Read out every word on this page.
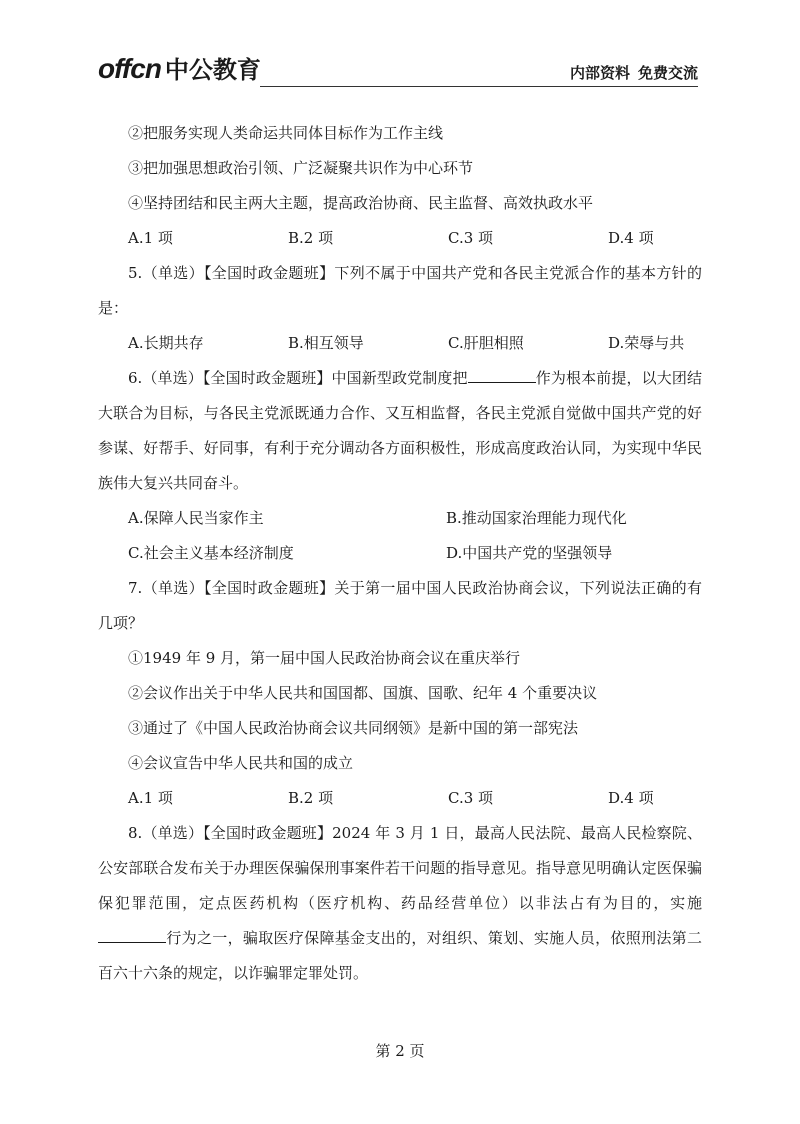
offcn 中公教育	内部资料 免费交流
②把服务实现人类命运共同体目标作为工作主线
③把加强思想政治引领、广泛凝聚共识作为中心环节
④坚持团结和民主两大主题，提高政治协商、民主监督、高效执政水平
A.1 项	B.2 项	C.3 项	D.4 项
5.（单选）【全国时政金题班】下列不属于中国共产党和各民主党派合作的基本方针的是：
A.长期共存	B.相互领导	C.肝胆相照	D.荣辱与共
6.（单选）【全国时政金题班】中国新型政党制度把	作为根本前提，以大团结大联合为目标，与各民主党派既通力合作、又互相监督，各民主党派自觉做中国共产党的好参谋、好帮手、好同事，有利于充分调动各方面积极性，形成高度政治认同，为实现中华民族伟大复兴共同奋斗。
A.保障人民当家作主	B.推动国家治理能力现代化
C.社会主义基本经济制度	D.中国共产党的坚强领导
7.（单选）【全国时政金题班】关于第一届中国人民政治协商会议，下列说法正确的有几项？
①1949 年 9 月，第一届中国人民政治协商会议在重庆举行
②会议作出关于中华人民共和国国都、国旗、国歌、纪年 4 个重要决议
③通过了《中国人民政治协商会议共同纲领》是新中国的第一部宪法
④会议宣告中华人民共和国的成立
A.1 项	B.2 项	C.3 项	D.4 项
8.（单选）【全国时政金题班】2024 年 3 月 1 日，最高人民法院、最高人民检察院、公安部联合发布关于办理医保骗保刑事案件若干问题的指导意见。指导意见明确认定医保骗保犯罪范围，定点医药机构（医疗机构、药品经营单位）以非法占有为目的，实施行为之一，骗取医疗保障基金支出的，对组织、策划、实施人员，依照刑法第二百六十六条的规定，以诈骗罪定罪处罚。
第 2 页
